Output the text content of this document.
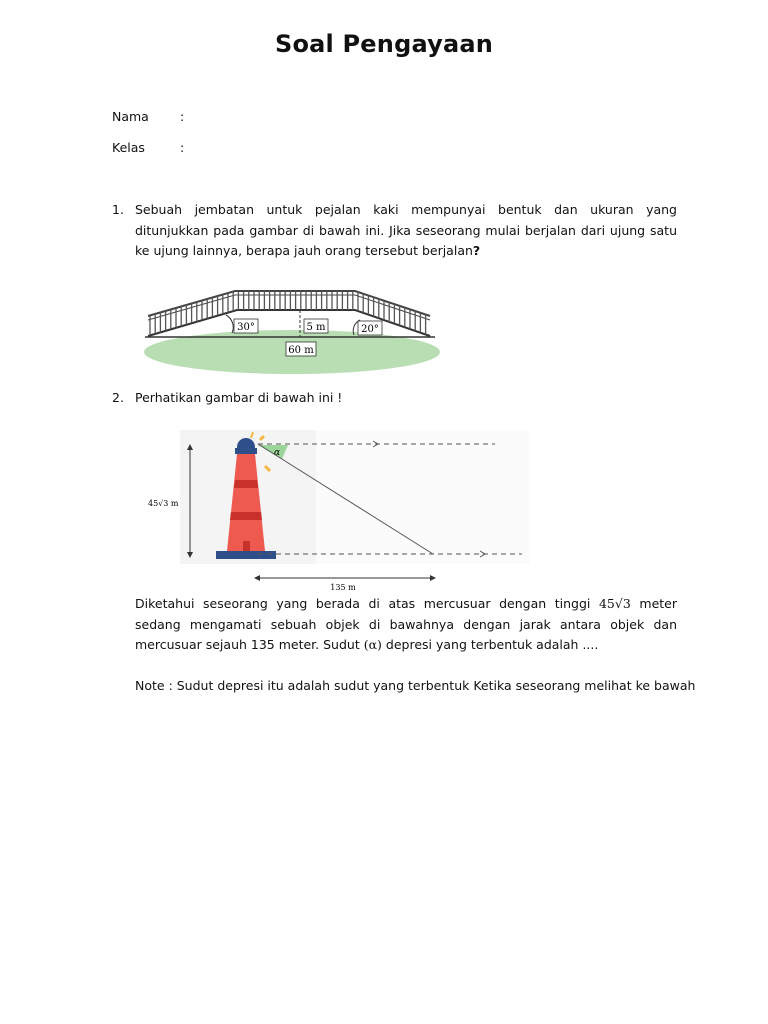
Soal Pengayaan
Nama :
Kelas	:
1. Sebuah jembatan untuk pejalan kaki mempunyai bentuk dan ukuran yang ditunjukkan pada gambar di bawah ini. Jika seseorang mulai berjalan dari ujung satu ke ujung lainnya, berapa jauh orang tersebut berjalan?
30°	5 m	20°
60 m
2. Perhatikan gambar di bawah ini !
45√3 m
α
135 m
Diketahui seseorang yang berada di atas mercusuar dengan tinggi 45√3 meter sedang mengamati sebuah objek di bawahnya dengan jarak antara objek dan mercusuar sejauh 135 meter. Sudut (α) depresi yang terbentuk adalah ....
Note : Sudut depresi itu adalah sudut yang terbentuk Ketika seseorang melihat ke bawah
